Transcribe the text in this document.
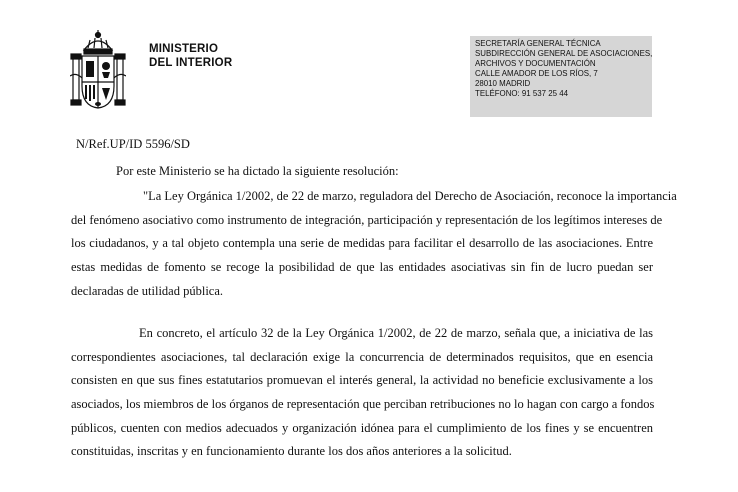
MINISTERIO
DEL INTERIOR
SECRETARÍA GENERAL TÉCNICA
SUBDIRECCIÓN GENERAL DE ASOCIACIONES,
ARCHIVOS Y DOCUMENTACIÓN
CALLE AMADOR DE LOS RÍOS, 7
28010 MADRID
TELÉFONO: 91 537 25 44
N/Ref.UP/ID 5596/SD
Por este Ministerio se ha dictado la siguiente resolución:
"La Ley Orgánica 1/2002, de 22 de marzo, reguladora del Derecho de Asociación, reconoce la importancia
del fenómeno asociativo como instrumento de integración, participación y representación de los legítimos intereses de
los ciudadanos, y a tal objeto contempla una serie de medidas para facilitar el desarrollo de las asociaciones. Entre
estas medidas de fomento se recoge la posibilidad de que las entidades asociativas sin fin de lucro puedan ser
declaradas de utilidad pública.
En concreto, el artículo 32 de la Ley Orgánica 1/2002, de 22 de marzo, señala que, a iniciativa de las
correspondientes asociaciones, tal declaración exige la concurrencia de determinados requisitos, que en esencia
consisten en que sus fines estatutarios promuevan el interés general, la actividad no beneficie exclusivamente a los
asociados, los miembros de los órganos de representación que perciban retribuciones no lo hagan con cargo a fondos
públicos, cuenten con medios adecuados y organización idónea para el cumplimiento de los fines y se encuentren
constituidas, inscritas y en funcionamiento durante los dos años anteriores a la solicitud.
